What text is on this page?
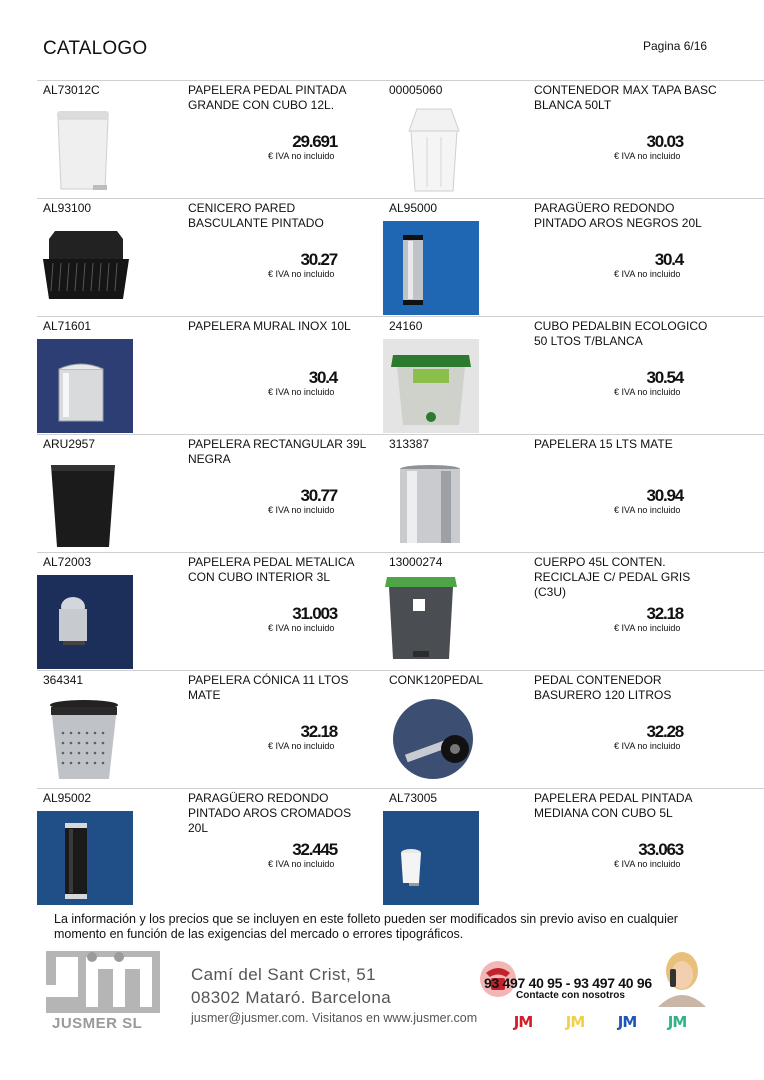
CATALOGO	Pagina 6/16
AL73012C	PAPELERA PEDAL PINTADA GRANDE CON CUBO 12L.
29.691
€ IVA no incluido
00005060	CONTENEDOR MAX TAPA BASC BLANCA 50LT
30.03
€ IVA no incluido
AL93100	CENICERO PARED BASCULANTE PINTADO
30.27
€ IVA no incluido
AL95000	PARAGÜERO REDONDO PINTADO AROS NEGROS 20L
30.4
€ IVA no incluido
AL71601	PAPELERA MURAL INOX 10L
30.4
€ IVA no incluido
24160	CUBO PEDALBIN ECOLOGICO 50 LTOS T/BLANCA
30.54
€ IVA no incluido
ARU2957	PAPELERA RECTANGULAR 39L NEGRA
30.77
€ IVA no incluido
313387	PAPELERA 15 LTS MATE
30.94
€ IVA no incluido
AL72003	PAPELERA PEDAL METALICA CON CUBO INTERIOR 3L
31.003
€ IVA no incluido
13000274	CUERPO 45L CONTEN. RECICLAJE C/ PEDAL GRIS (C3U)
32.18
€ IVA no incluido
364341	PAPELERA CÓNICA 11 LTOS MATE
32.18
€ IVA no incluido
CONK120PEDAL	PEDAL CONTENEDOR BASURERO 120 LITROS
32.28
€ IVA no incluido
AL95002	PARAGÜERO REDONDO PINTADO AROS CROMADOS 20L
32.445
€ IVA no incluido
AL73005	PAPELERA PEDAL PINTADA MEDIANA CON CUBO 5L
33.063
€ IVA no incluido
La información y los precios que se incluyen en este folleto pueden ser modificados sin previo aviso en cualquier momento en función de las exigencias del mercado o errores tipográficos.
JUSMER SL
Camí del Sant Crist, 51
08302 Mataró. Barcelona
jusmer@jusmer.com. Visitanos en www.jusmer.com
93 497 40 95 - 93 497 40 96
Contacte con nosotros
JM	JM	JM	JM
